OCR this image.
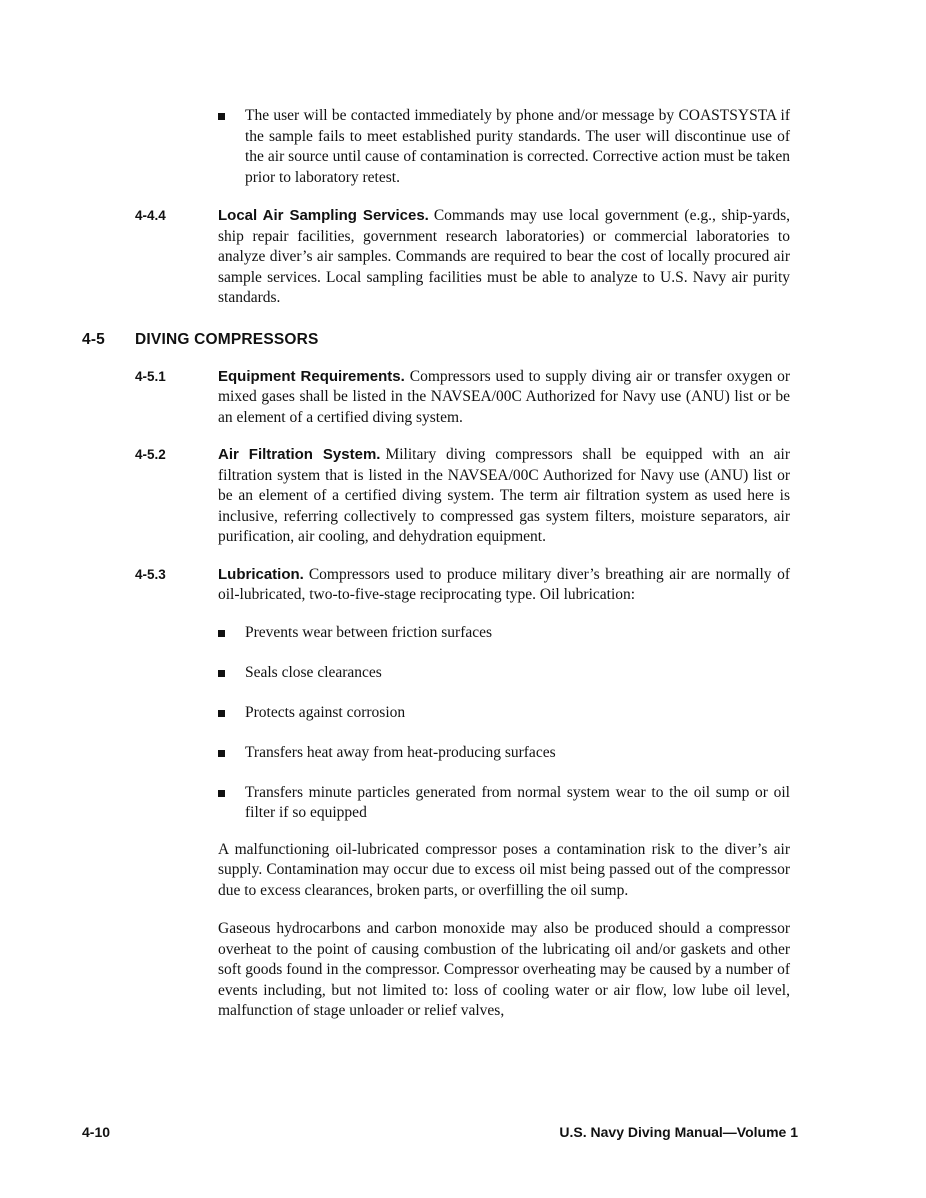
The user will be contacted immediately by phone and/or message by COASTSYSTA if the sample fails to meet established purity standards. The user will discontinue use of the air source until cause of contamination is corrected. Corrective action must be taken prior to laboratory retest.

4-4.4	Local Air Sampling Services. Commands may use local government (e.g., ship-yards, ship repair facilities, government research laboratories) or commercial laboratories to analyze diver’s air samples. Commands are required to bear the cost of locally procured air sample services. Local sampling facilities must be able to analyze to U.S. Navy air purity standards.

4-5	DIVING COMPRESSORS
4-5.1	Equipment Requirements. Compressors used to supply diving air or transfer oxygen or mixed gases shall be listed in the NAVSEA/00C Authorized for Navy use (ANU) list or be an element of a certified diving system.

4-5.2	Air Filtration System. Military diving compressors shall be equipped with an air filtration system that is listed in the NAVSEA/00C Authorized for Navy use (ANU) list or be an element of a certified diving system. The term air filtration system as used here is inclusive, referring collectively to compressed gas system filters, moisture separators, air purification, air cooling, and dehydration equipment.

4-5.3	Lubrication. Compressors used to produce military diver’s breathing air are normally of oil-lubricated, two-to-five-stage reciprocating type. Oil lubrication:

Prevents wear between friction surfaces

Seals close clearances

Protects against corrosion

Transfers heat away from heat-producing surfaces

Transfers minute particles generated from normal system wear to the oil sump or oil filter if so equipped

A malfunctioning oil-lubricated compressor poses a contamination risk to the diver’s air supply. Contamination may occur due to excess oil mist being passed out of the compressor due to excess clearances, broken parts, or overfilling the oil sump.

Gaseous hydrocarbons and carbon monoxide may also be produced should a compressor overheat to the point of causing combustion of the lubricating oil and/or gaskets and other soft goods found in the compressor. Compressor overheating may be caused by a number of events including, but not limited to: loss of cooling water or air flow, low lube oil level, malfunction of stage unloader or relief valves,

4-10	U.S. Navy Diving Manual—Volume 1
